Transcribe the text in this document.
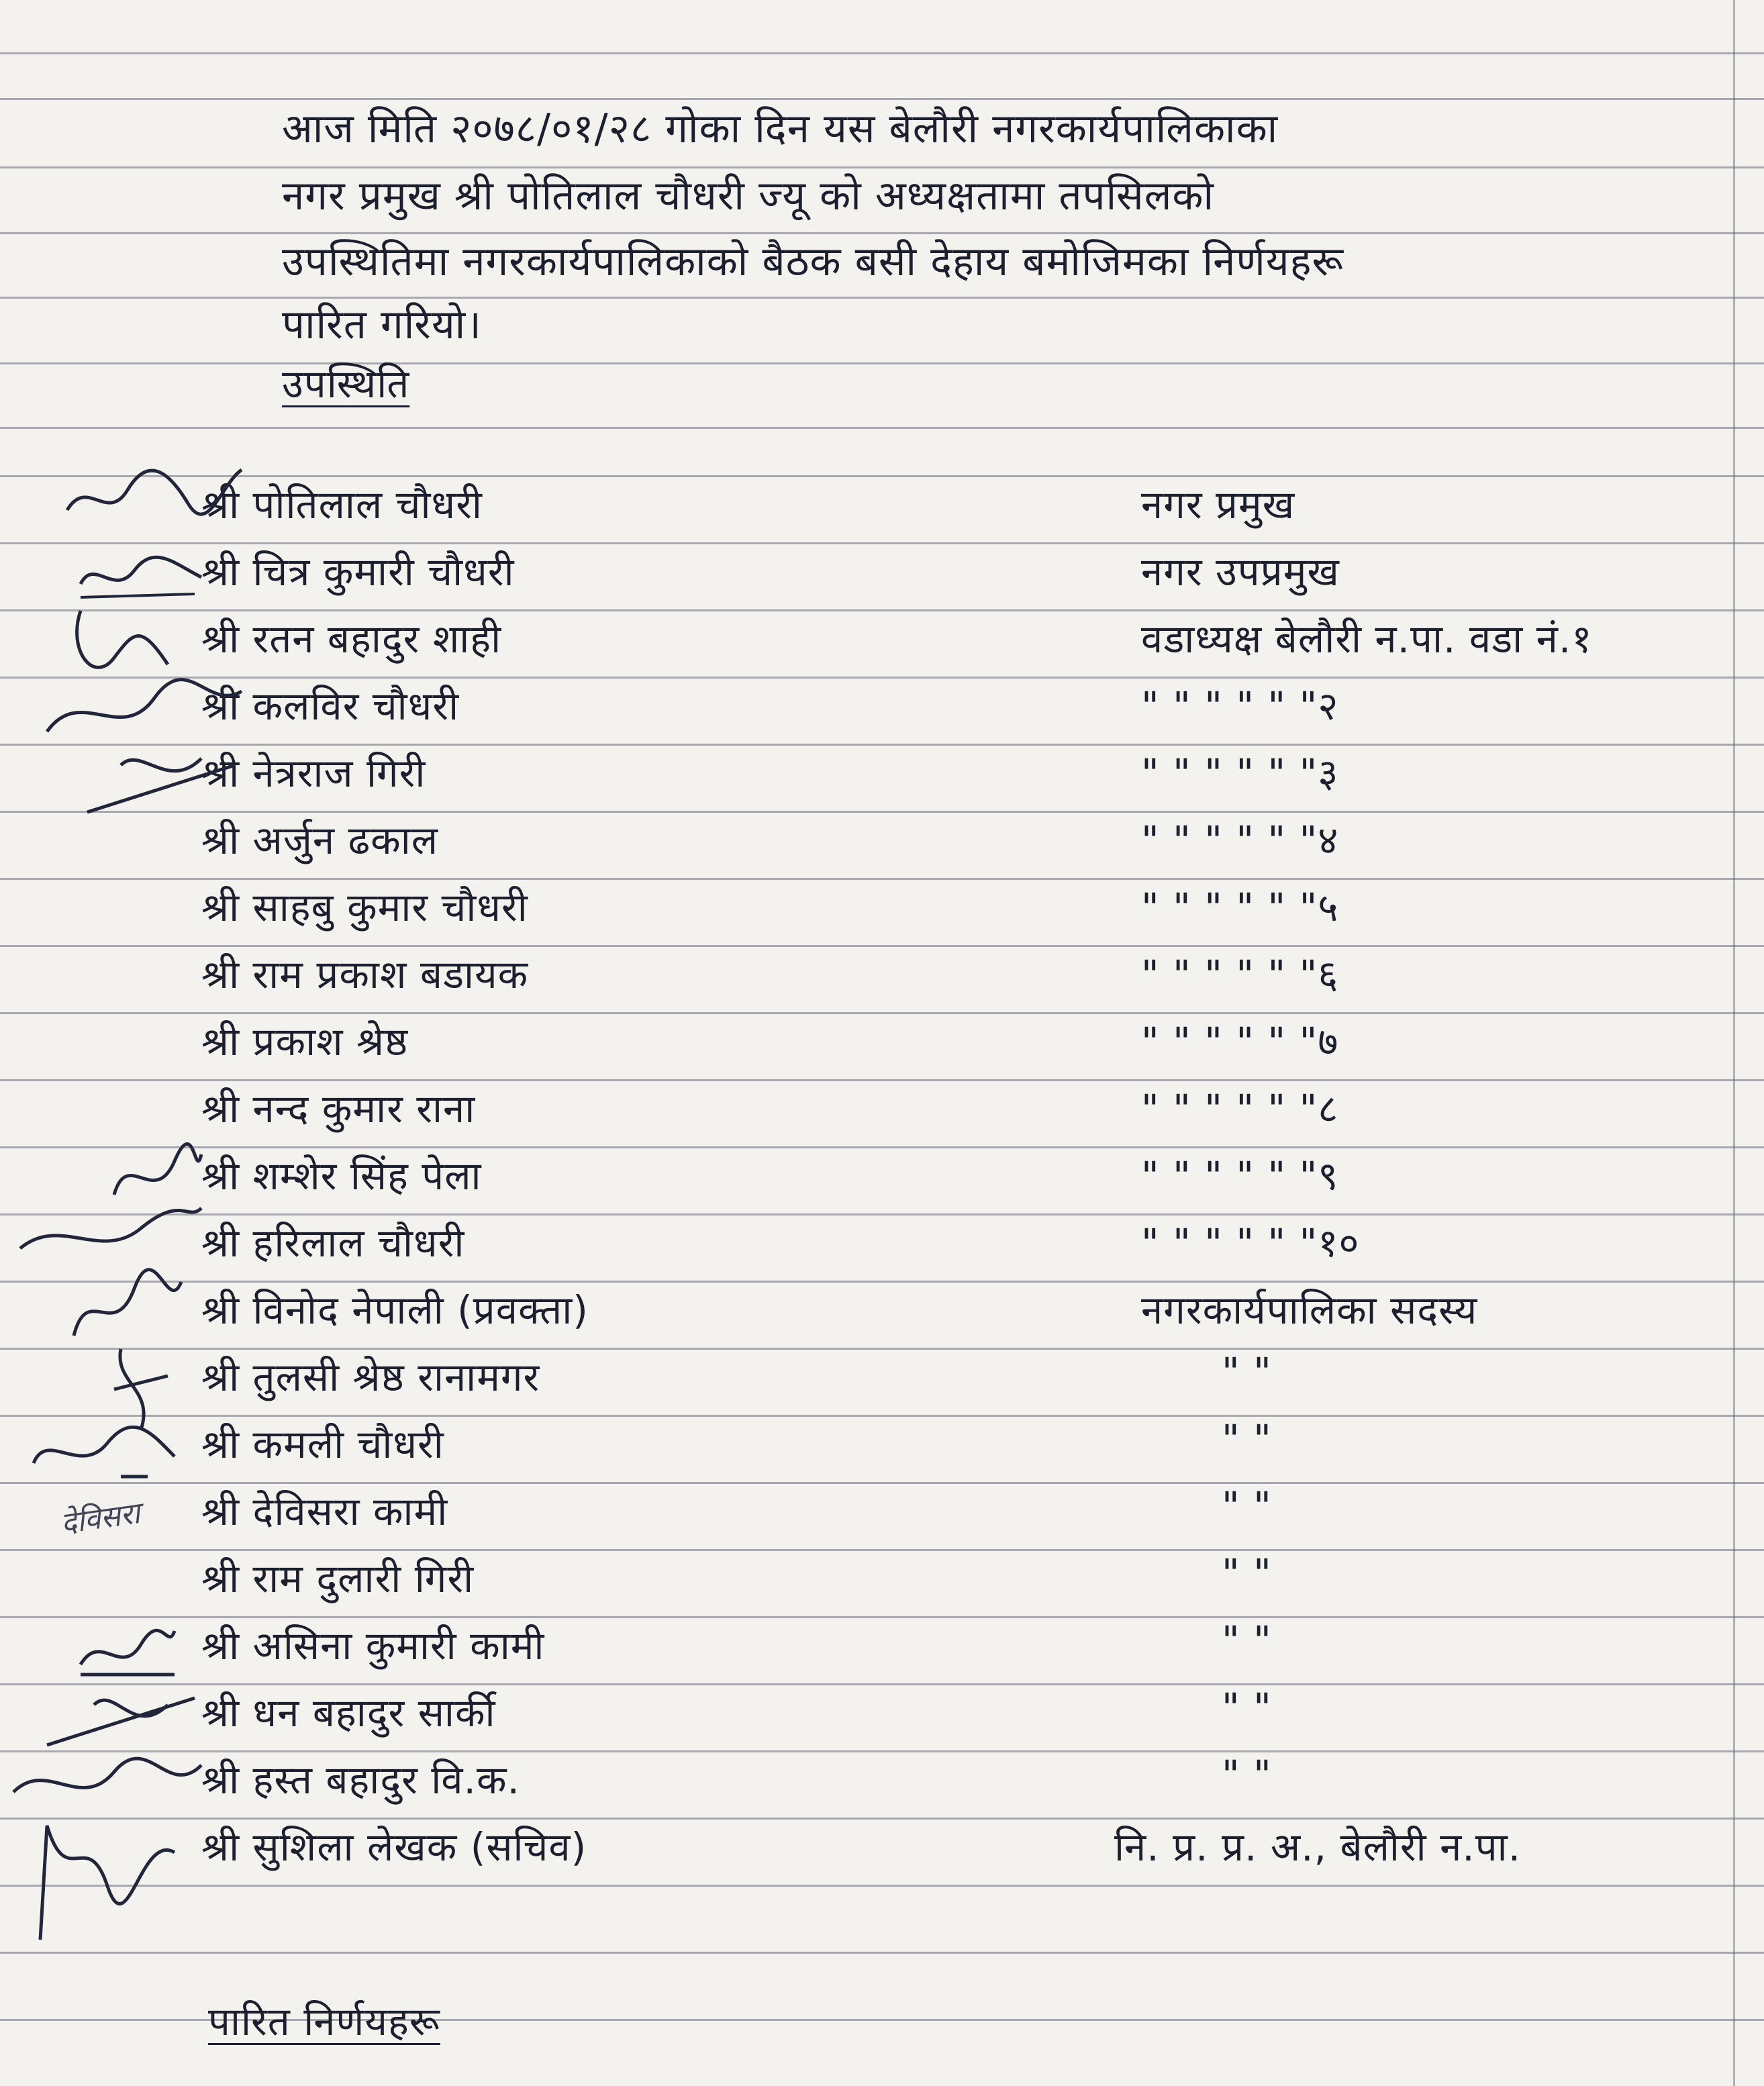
आज मिति २०७८/०१/२८ गोका दिन यस बेलौरी नगरकार्यपालिकाका
नगर प्रमुख श्री पोतिलाल चौधरी ज्यू को अध्यक्षतामा तपसिलको
उपस्थितिमा नगरकार्यपालिकाको बैठक बसी देहाय बमोजिमका निर्णयहरू
पारित गरियो।
उपस्थिति
श्री पोतिलाल चौधरी	नगर प्रमुख
श्री चित्र कुमारी चौधरी	नगर उपप्रमुख
श्री रतन बहादुर शाही	वडाध्यक्ष बेलौरी न.पा. वडा नं.१
श्री कलविर चौधरी	" " " " " "२
श्री नेत्रराज गिरी	" " " " " "३
श्री अर्जुन ढकाल	" " " " " "४
श्री साहबु कुमार चौधरी	" " " " " "५
श्री राम प्रकाश बडायक	" " " " " "६
श्री प्रकाश श्रेष्ठ	" " " " " "७
श्री नन्द कुमार राना	" " " " " "८
श्री शम्शेर सिंह पेला	" " " " " "९
श्री हरिलाल चौधरी	" " " " " "१०
श्री विनोद नेपाली (प्रवक्ता)	नगरकार्यपालिका सदस्य
श्री तुलसी श्रेष्ठ रानामगर	" "
श्री कमली चौधरी	" "
श्री देविसरा कामी	" "
श्री राम दुलारी गिरी	" "
श्री असिना कुमारी कामी	" "
श्री धन बहादुर सार्की	" "
श्री हस्त बहादुर वि.क.	" "
श्री सुशिला लेखक (सचिव)	नि. प्र. प्र. अ., बेलौरी न.पा.
देविसरा
पारित निर्णयहरू
